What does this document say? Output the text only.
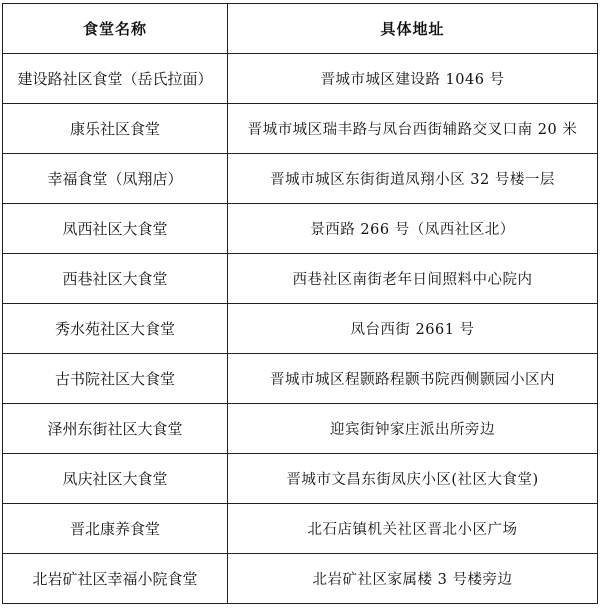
食堂名称	具体地址
建设路社区食堂（岳氏拉面）	晋城市城区建设路 1046 号
康乐社区食堂	晋城市城区瑞丰路与凤台西街辅路交叉口南 20 米
幸福食堂（凤翔店）	晋城市城区东街街道凤翔小区 32 号楼一层
凤西社区大食堂	景西路 266 号（凤西社区北）
西巷社区大食堂	西巷社区南街老年日间照料中心院内
秀水苑社区大食堂	凤台西街 2661 号
古书院社区大食堂	晋城市城区程颢路程颢书院西侧颢园小区内
泽州东街社区大食堂	迎宾街钟家庄派出所旁边
凤庆社区大食堂	晋城市文昌东街凤庆小区(社区大食堂)
晋北康养食堂	北石店镇机关社区晋北小区广场
北岩矿社区幸福小院食堂	北岩矿社区家属楼 3 号楼旁边
